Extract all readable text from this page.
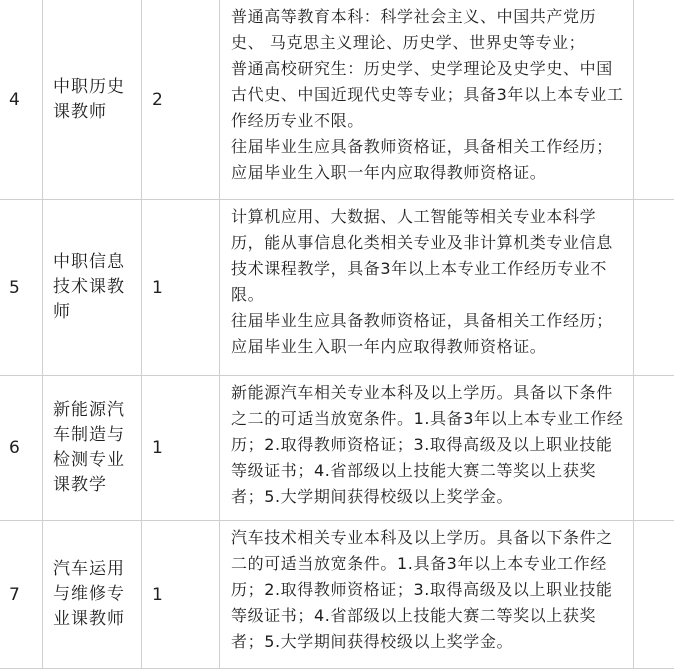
4
中职历史课教师
2

普通高等教育本科：科学社会主义、中国共产党历史、 马克思主义理论、历史学、世界史等专业；

普通高校研究生：历史学、史学理论及史学史、中国古代史、中国近现代史等专业；具备3年以上本专业工作经历专业不限。

往届毕业生应具备教师资格证，具备相关工作经历；应届毕业生入职一年内应取得教师资格证。

5
中职信息技术课教师
1

计算机应用、大数据、人工智能等相关专业本科学历，能从事信息化类相关专业及非计算机类专业信息技术课程教学，具备3年以上本专业工作经历专业不限。

往届毕业生应具备教师资格证，具备相关工作经历；应届毕业生入职一年内应取得教师资格证。

6
新能源汽车制造与检测专业课教学
1

新能源汽车相关专业本科及以上学历。具备以下条件之二的可适当放宽条件。1.具备3年以上本专业工作经历；2.取得教师资格证；3.取得高级及以上职业技能等级证书；4.省部级以上技能大赛二等奖以上获奖者；5.大学期间获得校级以上奖学金。

7
汽车运用与维修专业课教师
1

汽车技术相关专业本科及以上学历。具备以下条件之二的可适当放宽条件。1.具备3年以上本专业工作经历；2.取得教师资格证；3.取得高级及以上职业技能等级证书；4.省部级以上技能大赛二等奖以上获奖者；5.大学期间获得校级以上奖学金。
